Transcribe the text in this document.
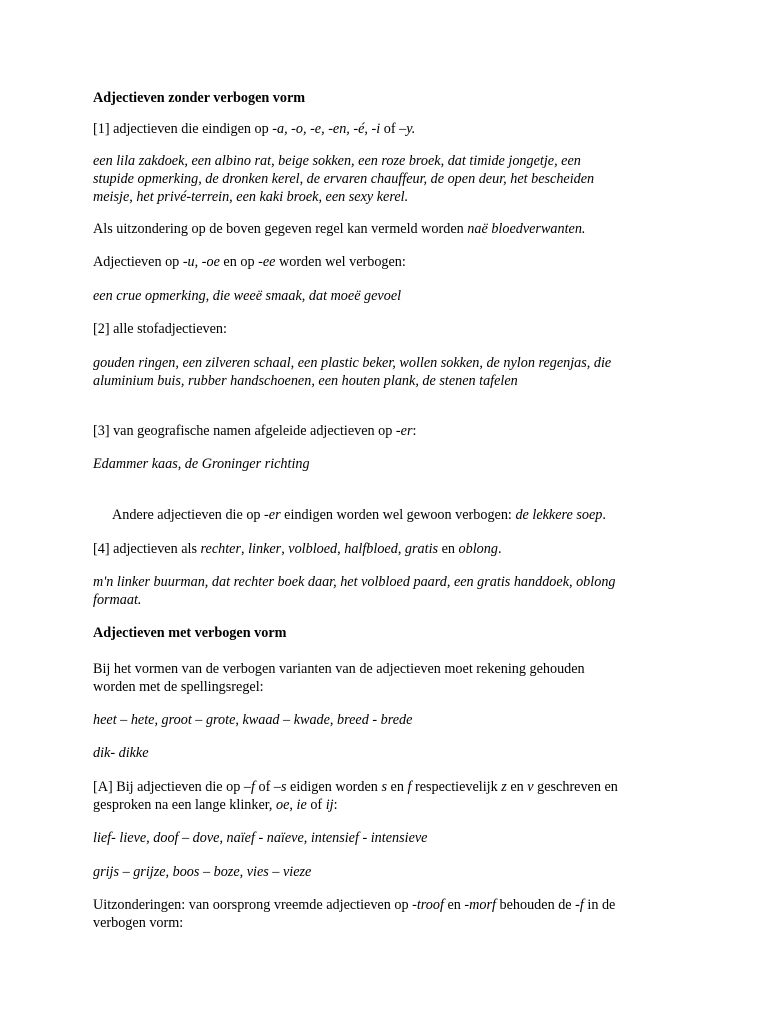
Adjectieven zonder verbogen vorm

[1] adjectieven die eindigen op -a, -o, -e, -en, -é, -i of –y.

een lila zakdoek, een albino rat, beige sokken, een roze broek, dat timide jongetje, een
stupide opmerking, de dronken kerel, de ervaren chauffeur, de open deur, het bescheiden
meisje, het privé-terrein, een kaki broek, een sexy kerel.

Als uitzondering op de boven gegeven regel kan vermeld worden naë bloedverwanten.

Adjectieven op -u, -oe en op -ee worden wel verbogen:

een crue opmerking, die weeë smaak, dat moeë gevoel

[2] alle stofadjectieven:

gouden ringen, een zilveren schaal, een plastic beker, wollen sokken, de nylon regenjas, die
aluminium buis, rubber handschoenen, een houten plank, de stenen tafelen

[3] van geografische namen afgeleide adjectieven op -er:

Edammer kaas, de Groninger richting

Andere adjectieven die op -er eindigen worden wel gewoon verbogen: de lekkere soep.

[4] adjectieven als rechter, linker, volbloed, halfbloed, gratis en oblong.

m'n linker buurman, dat rechter boek daar, het volbloed paard, een gratis handdoek, oblong
formaat.

Adjectieven met verbogen vorm

Bij het vormen van de verbogen varianten van de adjectieven moet rekening gehouden
worden met de spellingsregel:

heet – hete, groot – grote, kwaad – kwade, breed - brede

dik- dikke

[A] Bij adjectieven die op –f of –s eidigen worden s en f respectievelijk z en v geschreven en
gesproken na een lange klinker, oe, ie of ij:

lief- lieve, doof – dove, naïef - naïeve, intensief - intensieve

grijs – grijze, boos – boze, vies – vieze

Uitzonderingen: van oorsprong vreemde adjectieven op -troof en -morf behouden de -f in de
verbogen vorm:
